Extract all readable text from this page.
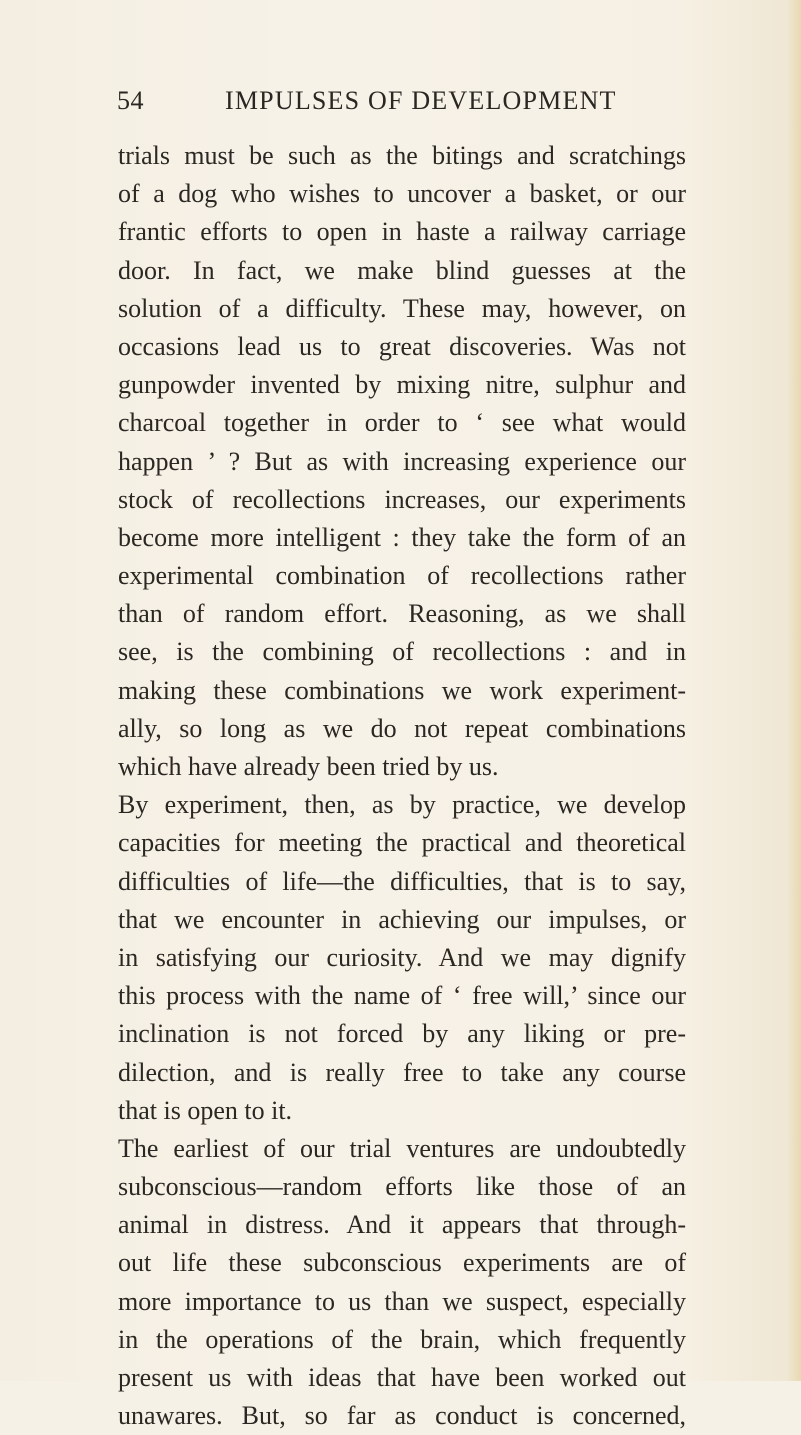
54	IMPULSES OF DEVELOPMENT
trials must be such as the bitings and scratchings
of a dog who wishes to uncover a basket, or our
frantic efforts to open in haste a railway carriage
door. In fact, we make blind guesses at the
solution of a difficulty. These may, however, on
occasions lead us to great discoveries. Was not
gunpowder invented by mixing nitre, sulphur and
charcoal together in order to ‘ see what would
happen ’ ? But as with increasing experience our
stock of recollections increases, our experiments
become more intelligent : they take the form of an
experimental combination of recollections rather
than of random effort. Reasoning, as we shall
see, is the combining of recollections : and in
making these combinations we work experiment-
ally, so long as we do not repeat combinations
which have already been tried by us.
By experiment, then, as by practice, we develop
capacities for meeting the practical and theoretical
difficulties of life—the difficulties, that is to say,
that we encounter in achieving our impulses, or
in satisfying our curiosity. And we may dignify
this process with the name of ‘ free will,’ since our
inclination is not forced by any liking or pre-
dilection, and is really free to take any course
that is open to it.
The earliest of our trial ventures are undoubtedly
subconscious—random efforts like those of an
animal in distress. And it appears that through-
out life these subconscious experiments are of
more importance to us than we suspect, especially
in the operations of the brain, which frequently
present us with ideas that have been worked out
unawares. But, so far as conduct is concerned,
